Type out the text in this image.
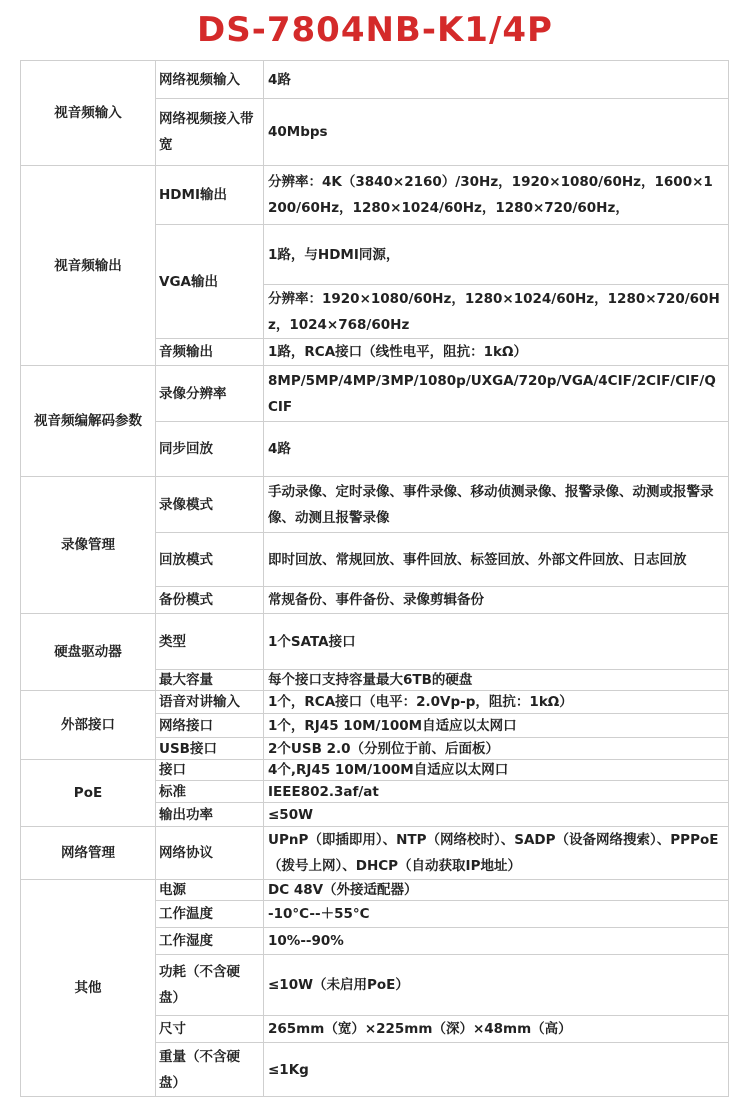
DS-7804NB-K1/4P
视音频输入	网络视频输入	4路
	网络视频接入带宽	40Mbps
视音频输出	HDMI输出	分辨率：4K（3840×2160）/30Hz，1920×1080/60Hz，1600×1200/60Hz，1280×1024/60Hz，1280×720/60Hz，
	VGA输出	1路，与HDMI同源，
		分辨率：1920×1080/60Hz，1280×1024/60Hz，1280×720/60Hz，1024×768/60Hz
	音频输出	1路，RCA接口（线性电平，阻抗：1kΩ）
视音频编解码参数	录像分辨率	8MP/5MP/4MP/3MP/1080p/UXGA/720p/VGA/4CIF/2CIF/CIF/QCIF
	同步回放	4路
录像管理	录像模式	手动录像、定时录像、事件录像、移动侦测录像、报警录像、动测或报警录像、动测且报警录像
	回放模式	即时回放、常规回放、事件回放、标签回放、外部文件回放、日志回放
	备份模式	常规备份、事件备份、录像剪辑备份
硬盘驱动器	类型	1个SATA接口
	最大容量	每个接口支持容量最大6TB的硬盘
外部接口	语音对讲输入	1个，RCA接口（电平：2.0Vp-p，阻抗：1kΩ）
	网络接口	1个，RJ45 10M/100M自适应以太网口
	USB接口	2个USB 2.0（分别位于前、后面板）
PoE	接口	4个,RJ45 10M/100M自适应以太网口
	标准	IEEE802.3af/at
	输出功率	≤50W
网络管理	网络协议	UPnP（即插即用）、NTP（网络校时）、SADP（设备网络搜索）、PPPoE（拨号上网）、DHCP（自动获取IP地址）
其他	电源	DC 48V（外接适配器）
	工作温度	-10°C--＋55°C
	工作湿度	10%--90%
	功耗（不含硬盘）	≤10W（未启用PoE）
	尺寸	265mm（宽）×225mm（深）×48mm（高）
	重量（不含硬盘）	≤1Kg
